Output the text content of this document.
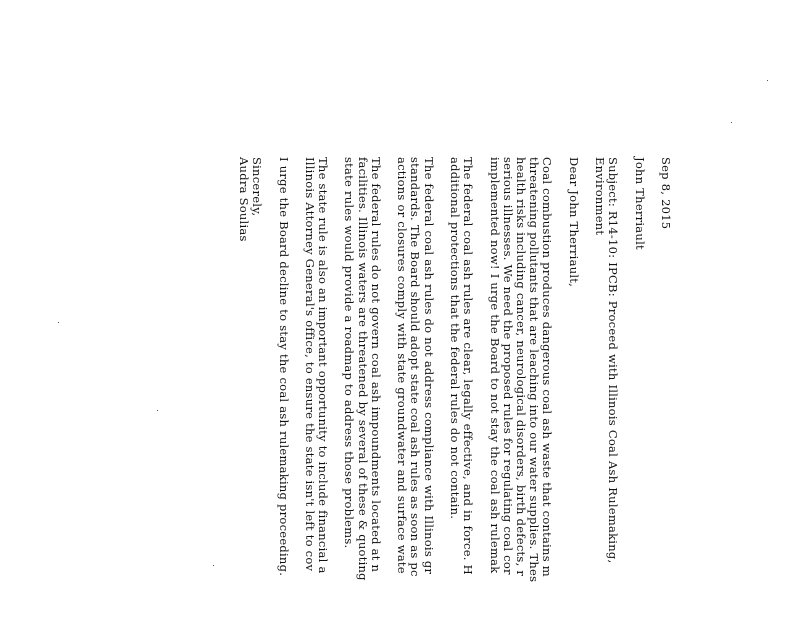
Sep 8, 2015
John Therriault
Subject: R14-10: IPCB: Proceed with Illinois Coal Ash Rulemaking,
Environment
Dear John Therriault,
Coal combustion produces dangerous coal ash waste that contains m
threatening pollutants that are leaching into our water supplies. Thes
health risks including cancer, neurological disorders, birth defects, r
serious illnesses. We need the proposed rules for regulating coal cor
implemented now! I urge the Board to not stay the coal ash rulemak
The federal coal ash rules are clear, legally effective, and in force. H
additional protections that the federal rules do not contain.
The federal coal ash rules do not address compliance with Illinois gr
standards. The Board should adopt state coal ash rules as soon as pc
actions or closures comply with state groundwater and surface wate
The federal rules do not govern coal ash impoundments located at n
facilities. Illinois waters are threatened by several of these & quoting
state rules would provide a roadmap to address those problems.
The state rule is also an important opportunity to include financial a
Illinois Attorney General's office, to ensure the state isn't left to cov
I urge the Board decline to stay the coal ash rulemaking proceeding.
Sincerely,
Audra Soulias
